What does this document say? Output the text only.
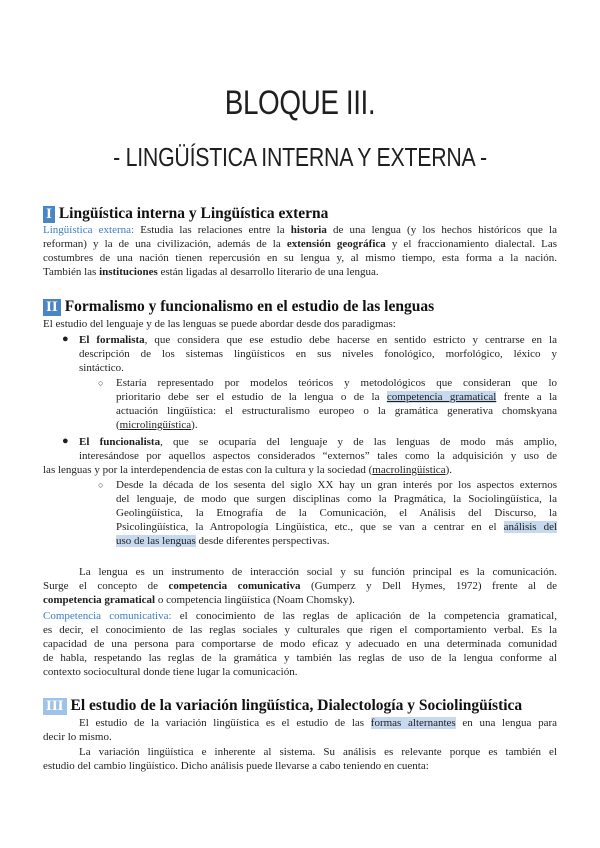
BLOQUE III.
- LINGÜÍSTICA INTERNA Y EXTERNA -
I Lingüística interna y Lingüística externa
Lingüística externa: Estudia las relaciones entre la historia de una lengua (y los hechos históricos que la
reforman) y la de una civilización, además de la extensión geográfica y el fraccionamiento dialectal. Las
costumbres de una nación tienen repercusión en su lengua y, al mismo tiempo, esta forma a la nación.
También las instituciones están ligadas al desarrollo literario de una lengua.
II Formalismo y funcionalismo en el estudio de las lenguas
El estudio del lenguaje y de las lenguas se puede abordar desde dos paradigmas:
● El formalista, que considera que ese estudio debe hacerse en sentido estricto y centrarse en la
descripción de los sistemas lingüísticos en sus niveles fonológico, morfológico, léxico y
sintáctico.
○ Estaría representado por modelos teóricos y metodológicos que consideran que lo
prioritario debe ser el estudio de la lengua o de la competencia gramatical frente a la
actuación lingüística: el estructuralismo europeo o la gramática generativa chomskyana
(microlingüística).
● El funcionalista, que se ocuparía del lenguaje y de las lenguas de modo más amplio,
interesándose por aquellos aspectos considerados “externos” tales como la adquisición y uso de
las lenguas y por la interdependencia de estas con la cultura y la sociedad (macrolingüística).
○ Desde la década de los sesenta del siglo XX hay un gran interés por los aspectos externos
del lenguaje, de modo que surgen disciplinas como la Pragmática, la Sociolingüística, la
Geolingüística, la Etnografía de la Comunicación, el Análisis del Discurso, la
Psicolingüística, la Antropología Lingüística, etc., que se van a centrar en el análisis del
uso de las lenguas desde diferentes perspectivas.
La lengua es un instrumento de interacción social y su función principal es la comunicación.
Surge el concepto de competencia comunicativa (Gumperz y Dell Hymes, 1972) frente al de
competencia gramatical o competencia lingüística (Noam Chomsky).
Competencia comunicativa: el conocimiento de las reglas de aplicación de la competencia gramatical,
es decir, el conocimiento de las reglas sociales y culturales que rigen el comportamiento verbal. Es la
capacidad de una persona para comportarse de modo eficaz y adecuado en una determinada comunidad
de habla, respetando las reglas de la gramática y también las reglas de uso de la lengua conforme al
contexto sociocultural donde tiene lugar la comunicación.
III El estudio de la variación lingüística, Dialectología y Sociolingüística
El estudio de la variación lingüística es el estudio de las formas alternantes en una lengua para
decir lo mismo.
La variación lingüística e inherente al sistema. Su análisis es relevante porque es también el
estudio del cambio lingüístico. Dicho análisis puede llevarse a cabo teniendo en cuenta:
